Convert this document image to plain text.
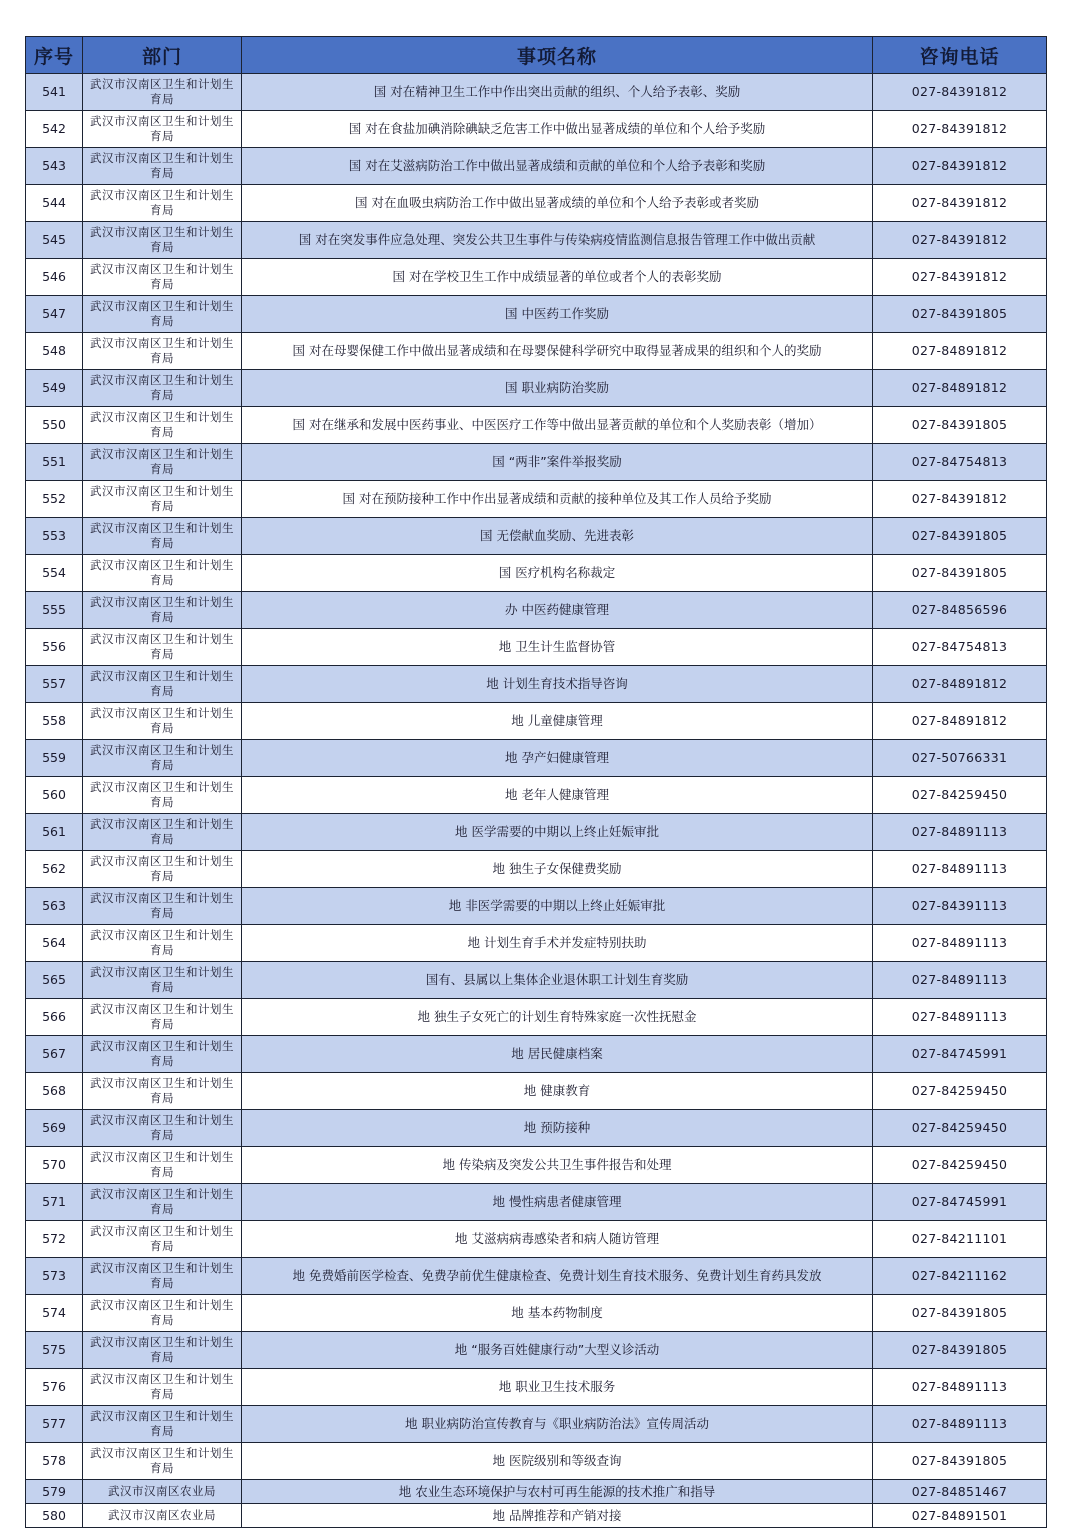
序号	部门	事项名称	咨询电话
541	武汉市汉南区卫生和计划生育局	国 对在精神卫生工作中作出突出贡献的组织、个人给予表彰、奖励	027-84391812
542	武汉市汉南区卫生和计划生育局	国 对在食盐加碘消除碘缺乏危害工作中做出显著成绩的单位和个人给予奖励	027-84391812
543	武汉市汉南区卫生和计划生育局	国 对在艾滋病防治工作中做出显著成绩和贡献的单位和个人给予表彰和奖励	027-84391812
544	武汉市汉南区卫生和计划生育局	国 对在血吸虫病防治工作中做出显著成绩的单位和个人给予表彰或者奖励	027-84391812
545	武汉市汉南区卫生和计划生育局	国 对在突发事件应急处理、突发公共卫生事件与传染病疫情监测信息报告管理工作中做出贡献	027-84391812
546	武汉市汉南区卫生和计划生育局	国 对在学校卫生工作中成绩显著的单位或者个人的表彰奖励	027-84391812
547	武汉市汉南区卫生和计划生育局	国 中医药工作奖励	027-84391805
548	武汉市汉南区卫生和计划生育局	国 对在母婴保健工作中做出显著成绩和在母婴保健科学研究中取得显著成果的组织和个人的奖励	027-84891812
549	武汉市汉南区卫生和计划生育局	国 职业病防治奖励	027-84891812
550	武汉市汉南区卫生和计划生育局	国 对在继承和发展中医药事业、中医医疗工作等中做出显著贡献的单位和个人奖励表彰（增加）	027-84391805
551	武汉市汉南区卫生和计划生育局	国 “两非”案件举报奖励	027-84754813
552	武汉市汉南区卫生和计划生育局	国 对在预防接种工作中作出显著成绩和贡献的接种单位及其工作人员给予奖励	027-84391812
553	武汉市汉南区卫生和计划生育局	国 无偿献血奖励、先进表彰	027-84391805
554	武汉市汉南区卫生和计划生育局	国 医疗机构名称裁定	027-84391805
555	武汉市汉南区卫生和计划生育局	办 中医药健康管理	027-84856596
556	武汉市汉南区卫生和计划生育局	地 卫生计生监督协管	027-84754813
557	武汉市汉南区卫生和计划生育局	地 计划生育技术指导咨询	027-84891812
558	武汉市汉南区卫生和计划生育局	地 儿童健康管理	027-84891812
559	武汉市汉南区卫生和计划生育局	地 孕产妇健康管理	027-50766331
560	武汉市汉南区卫生和计划生育局	地 老年人健康管理	027-84259450
561	武汉市汉南区卫生和计划生育局	地 医学需要的中期以上终止妊娠审批	027-84891113
562	武汉市汉南区卫生和计划生育局	地 独生子女保健费奖励	027-84891113
563	武汉市汉南区卫生和计划生育局	地 非医学需要的中期以上终止妊娠审批	027-84391113
564	武汉市汉南区卫生和计划生育局	地 计划生育手术并发症特别扶助	027-84891113
565	武汉市汉南区卫生和计划生育局	国有、县属以上集体企业退休职工计划生育奖励	027-84891113
566	武汉市汉南区卫生和计划生育局	地 独生子女死亡的计划生育特殊家庭一次性抚慰金	027-84891113
567	武汉市汉南区卫生和计划生育局	地 居民健康档案	027-84745991
568	武汉市汉南区卫生和计划生育局	地 健康教育	027-84259450
569	武汉市汉南区卫生和计划生育局	地 预防接种	027-84259450
570	武汉市汉南区卫生和计划生育局	地 传染病及突发公共卫生事件报告和处理	027-84259450
571	武汉市汉南区卫生和计划生育局	地 慢性病患者健康管理	027-84745991
572	武汉市汉南区卫生和计划生育局	地 艾滋病病毒感染者和病人随访管理	027-84211101
573	武汉市汉南区卫生和计划生育局	地 免费婚前医学检查、免费孕前优生健康检查、免费计划生育技术服务、免费计划生育药具发放	027-84211162
574	武汉市汉南区卫生和计划生育局	地 基本药物制度	027-84391805
575	武汉市汉南区卫生和计划生育局	地 “服务百姓健康行动”大型义诊活动	027-84391805
576	武汉市汉南区卫生和计划生育局	地 职业卫生技术服务	027-84891113
577	武汉市汉南区卫生和计划生育局	地 职业病防治宣传教育与《职业病防治法》宣传周活动	027-84891113
578	武汉市汉南区卫生和计划生育局	地 医院级别和等级查询	027-84391805
579	武汉市汉南区农业局	地 农业生态环境保护与农村可再生能源的技术推广和指导	027-84851467
580	武汉市汉南区农业局	地 品牌推荐和产销对接	027-84891501
